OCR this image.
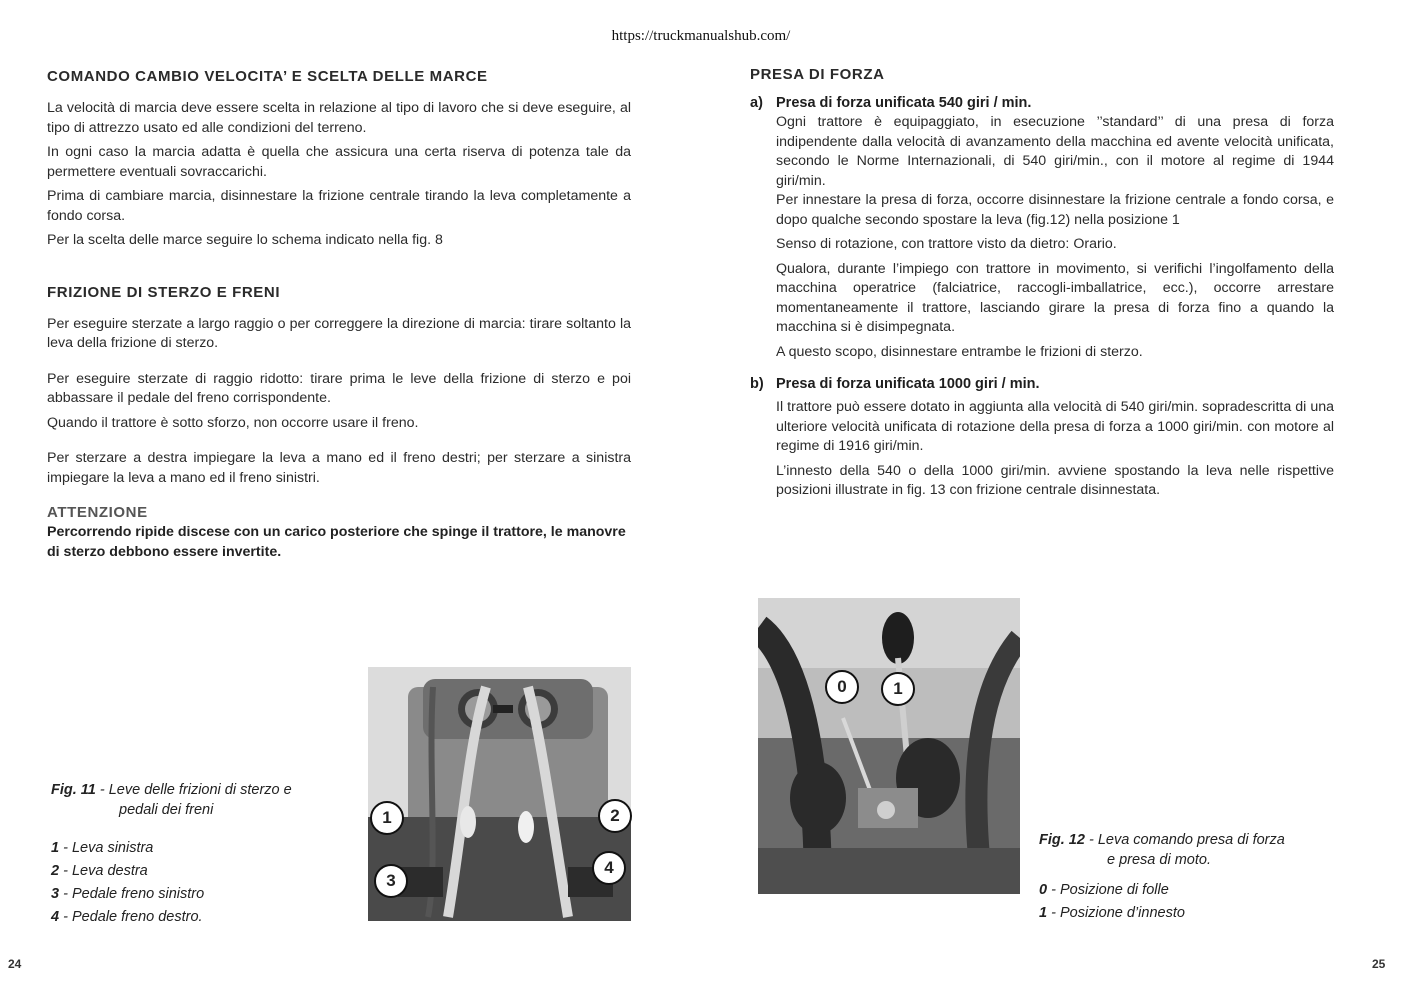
https://truckmanualshub.com/
COMANDO CAMBIO VELOCITA’ E SCELTA DELLE MARCE
La velocità di marcia deve essere scelta in relazione al tipo di lavoro che si deve eseguire, al tipo di attrezzo usato ed alle condizioni del terreno.
In ogni caso la marcia adatta è quella che assicura una certa riserva di potenza tale da permettere eventuali sovraccarichi.
Prima di cambiare marcia, disinnestare la frizione centrale tirando la leva completamente a fondo corsa.
Per la scelta delle marce seguire lo schema indicato nella fig. 8
FRIZIONE DI STERZO E FRENI
Per eseguire sterzate a largo raggio o per correggere la direzione di marcia: tirare soltanto la leva della frizione di sterzo.
Per eseguire sterzate di raggio ridotto: tirare prima le leve della frizione di sterzo e poi abbassare il pedale del freno corrispondente.
Quando il trattore è sotto sforzo, non occorre usare il freno.
Per sterzare a destra impiegare la leva a mano ed il freno destri; per sterzare a sinistra impiegare la leva a mano ed il freno sinistri.
ATTENZIONE
Percorrendo ripide discese con un carico posteriore che spinge il trattore, le manovre di sterzo debbono essere invertite.
Fig. 11 - Leve delle frizioni di sterzo e
pedali dei freni
1 - Leva sinistra
2 - Leva destra
3 - Pedale freno sinistro
4 - Pedale freno destro.
1	2
3
4
24
PRESA DI FORZA
a) Presa di forza unificata 540 giri / min.
Ogni trattore è equipaggiato, in esecuzione ’’standard’’ di una presa di forza indipendente dalla velocità di avanzamento della macchina ed avente velocità unificata, secondo le Norme Internazionali, di 540 giri/min., con il motore al regime di 1944 giri/min.
Per innestare la presa di forza, occorre disinnestare la frizione centrale a fondo corsa, e dopo qualche secondo spostare la leva (fig.12) nella posizione 1
Senso di rotazione, con trattore visto da dietro: Orario.
Qualora, durante l’impiego con trattore in movimento, si verifichi l’ingolfamento della macchina operatrice (falciatrice, raccogli-imballatrice, ecc.), occorre arrestare momentaneamente il trattore, lasciando girare la presa di forza fino a quando la macchina si è disimpegnata.
A questo scopo, disinnestare entrambe le frizioni di sterzo.
b) Presa di forza unificata 1000 giri / min.
Il trattore può essere dotato in aggiunta alla velocità di 540 giri/min. sopradescritta di una ulteriore velocità unificata di rotazione della presa di forza a 1000 giri/min. con motore al regime di 1916 giri/min.
L’innesto della 540 o della 1000 giri/min. avviene spostando la leva nelle rispettive posizioni illustrate in fig. 13 con frizione centrale disinnestata.
0	1
Fig. 12 - Leva comando presa di forza
e presa di moto.
0 - Posizione di folle
1 - Posizione d’innesto
25
